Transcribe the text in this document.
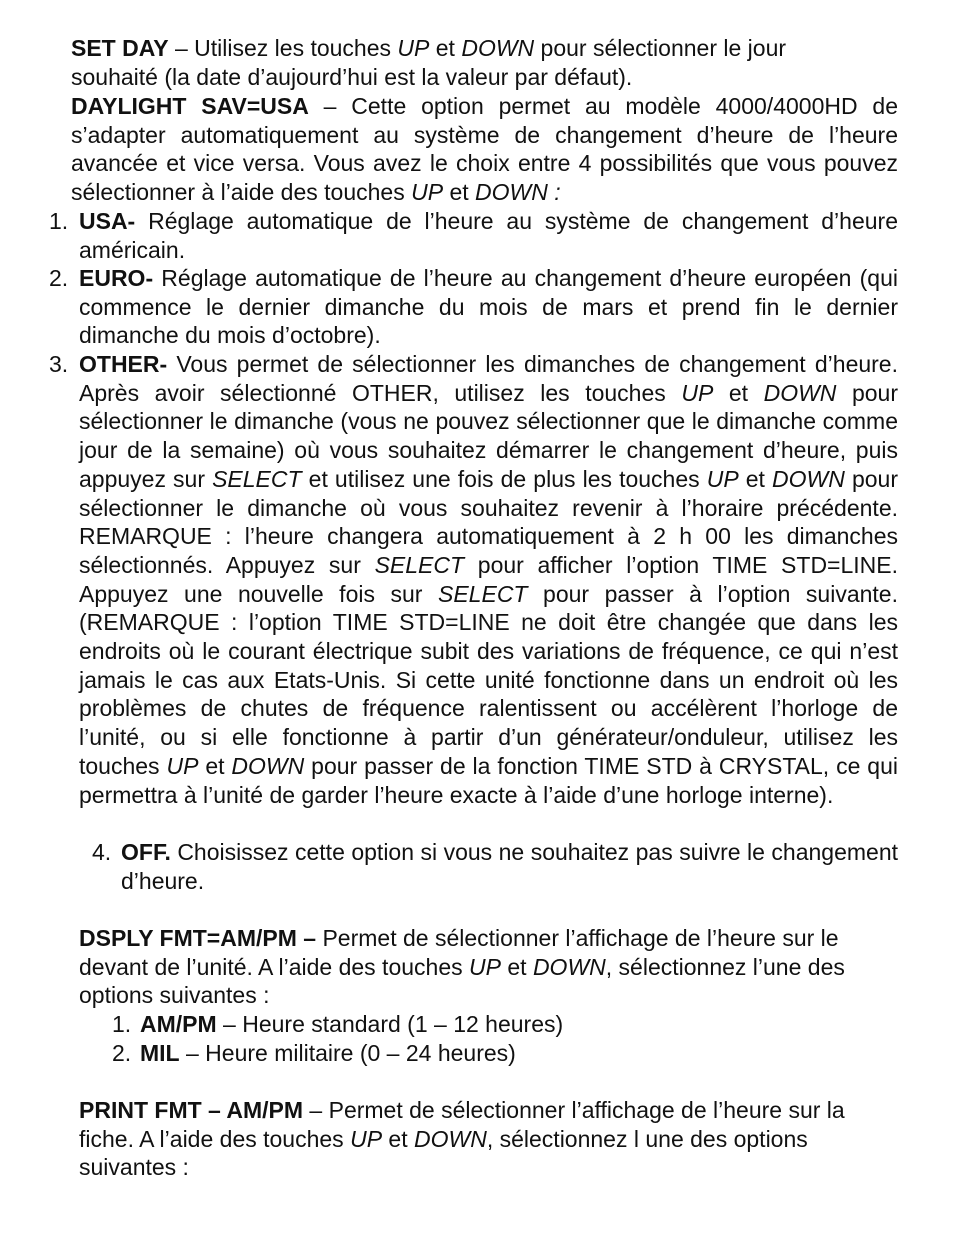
SET DAY – Utilisez les touches UP et DOWN pour sélectionner le jour souhaité (la date d’aujourd’hui est la valeur par défaut).
DAYLIGHT SAV=USA – Cette option permet au modèle 4000/4000HD de s’adapter automatiquement au système de changement d’heure de l’heure avancée et vice versa. Vous avez le choix entre 4 possibilités que vous pouvez sélectionner à l’aide des touches UP et DOWN :
1. USA- Réglage automatique de l’heure au système de changement d’heure américain.
2. EURO- Réglage automatique de l’heure au changement d’heure européen (qui commence le dernier dimanche du mois de mars et prend fin le dernier dimanche du mois d’octobre).
3. OTHER- Vous permet de sélectionner les dimanches de changement d’heure. Après avoir sélectionné OTHER, utilisez les touches UP et DOWN pour sélectionner le dimanche (vous ne pouvez sélectionner que le dimanche comme jour de la semaine) où vous souhaitez démarrer le changement d’heure, puis appuyez sur SELECT et utilisez une fois de plus les touches UP et DOWN pour sélectionner le dimanche où vous souhaitez revenir à l’horaire précédente. REMARQUE : l’heure changera automatiquement à 2 h 00 les dimanches sélectionnés. Appuyez sur SELECT pour afficher l’option TIME STD=LINE. Appuyez une nouvelle fois sur SELECT pour passer à l’option suivante. (REMARQUE : l’option TIME STD=LINE ne doit être changée que dans les endroits où le courant électrique subit des variations de fréquence, ce qui n’est jamais le cas aux Etats-Unis. Si cette unité fonctionne dans un endroit où les problèmes de chutes de fréquence ralentissent ou accélèrent l’horloge de l’unité, ou si elle fonctionne à partir d’un générateur/onduleur, utilisez les touches UP et DOWN pour passer de la fonction TIME STD à CRYSTAL, ce qui permettra à l’unité de garder l’heure exacte à l’aide d’une horloge interne).
4. OFF. Choisissez cette option si vous ne souhaitez pas suivre le changement d’heure.
DSPLY FMT=AM/PM – Permet de sélectionner l’affichage de l’heure sur le devant de l’unité. A l’aide des touches UP et DOWN, sélectionnez l’une des options suivantes :
1. AM/PM – Heure standard (1 – 12 heures)
2. MIL – Heure militaire (0 – 24 heures)
PRINT FMT – AM/PM – Permet de sélectionner l’affichage de l’heure sur la fiche. A l’aide des touches UP et DOWN, sélectionnez l une des options suivantes :
